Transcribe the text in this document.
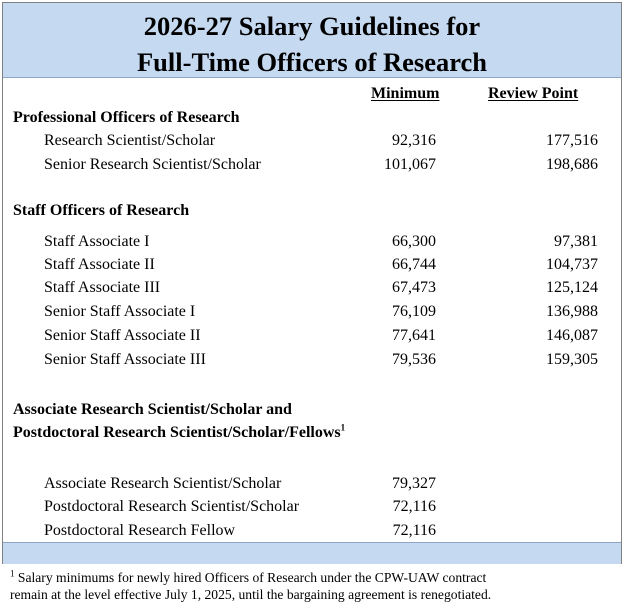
2026-27 Salary Guidelines for
Full-Time Officers of Research
Minimum	Review Point
Professional Officers of Research
Research Scientist/Scholar	92,316	177,516
Senior Research Scientist/Scholar	101,067	198,686
Staff Officers of Research
Staff Associate I	66,300	97,381
Staff Associate II	66,744	104,737
Staff Associate III	67,473	125,124
Senior Staff Associate I	76,109	136,988
Senior Staff Associate II	77,641	146,087
Senior Staff Associate III	79,536	159,305
Associate Research Scientist/Scholar and
Postdoctoral Research Scientist/Scholar/Fellows$^1$
Associate Research Scientist/Scholar	79,327
Postdoctoral Research Scientist/Scholar	72,116
Postdoctoral Research Fellow	72,116
$^1$ Salary minimums for newly hired Officers of Research under the CPW-UAW contract
remain at the level effective July 1, 2025, until the bargaining agreement is renegotiated.
